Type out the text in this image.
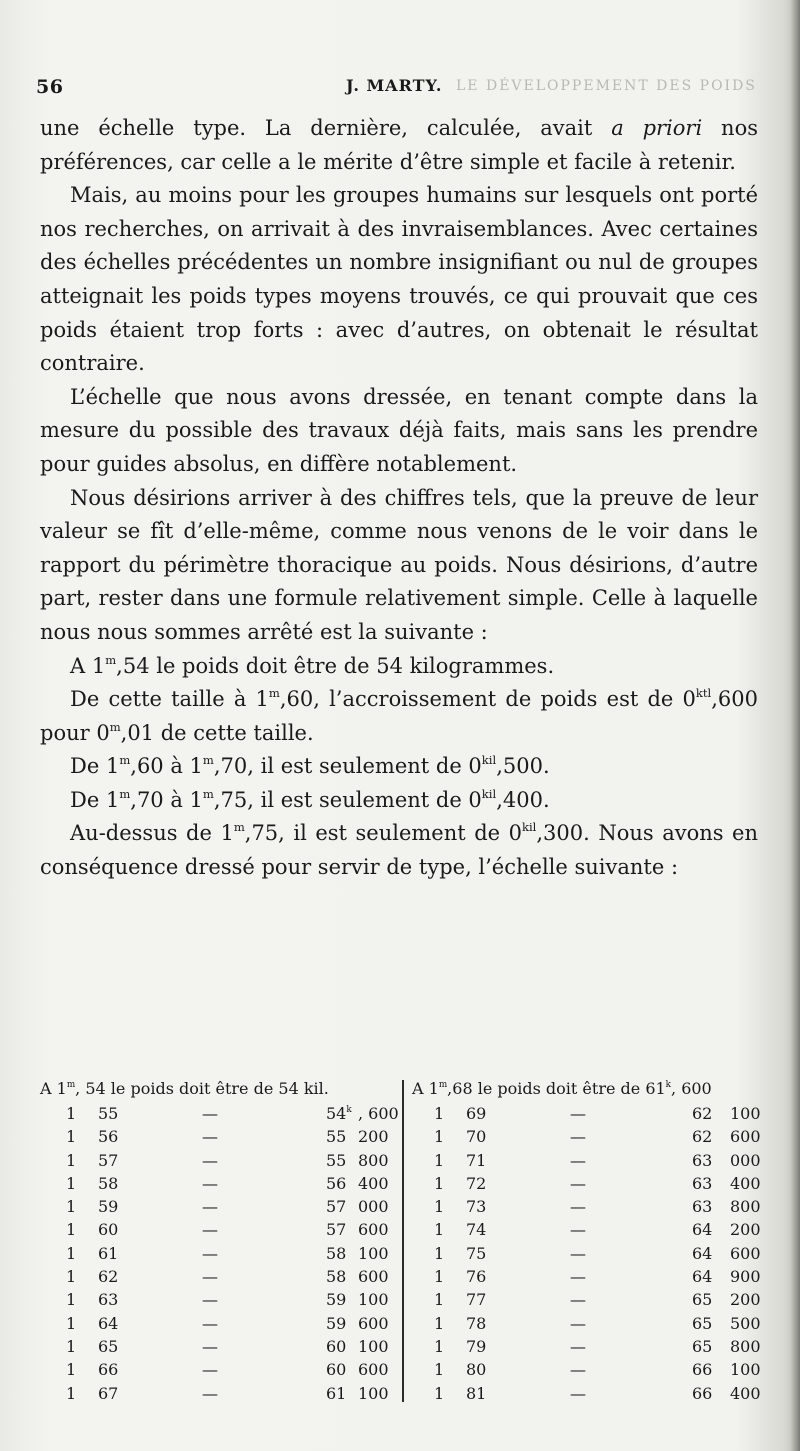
56	J. MARTY. LE DÉVELOPPEMENT DES POIDS

une échelle type. La dernière, calculée, avait a priori nos préférences, car celle a le mérite d’être simple et facile à retenir.

Mais, au moins pour les groupes humains sur lesquels ont porté nos recherches, on arrivait à des invraisemblances. Avec certaines des échelles précédentes un nombre insignifiant ou nul de groupes atteignait les poids types moyens trouvés, ce qui prouvait que ces poids étaient trop forts : avec d’autres, on obtenait le résultat contraire.

L’échelle que nous avons dressée, en tenant compte dans la mesure du possible des travaux déjà faits, mais sans les prendre pour guides absolus, en diffère notablement.

Nous désirions arriver à des chiffres tels, que la preuve de leur valeur se fît d’elle-même, comme nous venons de le voir dans le rapport du périmètre thoracique au poids. Nous désirions, d’autre part, rester dans une formule relativement simple. Celle à laquelle nous nous sommes arrêté est la suivante :

A 1$^m$,54 le poids doit être de 54 kilogrammes.

De cette taille à 1$^m$,60, l’accroissement de poids est de $0^{ktl},600$ pour 0$^m$,01 de cette taille.

De 1$^m$,60 à 1$^m$,70, il est seulement de $0^{kil},500$.

De 1$^m$,70 à 1$^m$,75, il est seulement de $0^{kil},400$.

Au-dessus de 1$^m$,75, il est seulement de $0^{kil},300$. Nous avons en conséquence dressé pour servir de type, l’échelle suivante :

A 1$^m$, 54 le poids doit être de 54 kil.
1 55	—	54$^k$ , 600
1 56	—	55 200
1 57	—	55 800
1 58	—	56 400
1 59	—	57 000
1 60	—	57 600
1 61	—	58 100
1 62	—	58 600
1 63	—	59 100
1 64	—	59 600
1 65	—	60 100
1 66	—	60 600
1 67	—	61 100
A 1$^m$,68 le poids doit être de 61$^k$, 600
1 69	—	62 100
1 70	—	62 600
1 71	—	63 000
1 72	—	63 400
1 73	—	63 800
1 74	—	64 200
1 75	—	64 600
1 76	—	64 900
1 77	—	65 200
1 78	—	65 500
1 79	—	65 800
1 80	—	66 100
1 81	—	66 400
